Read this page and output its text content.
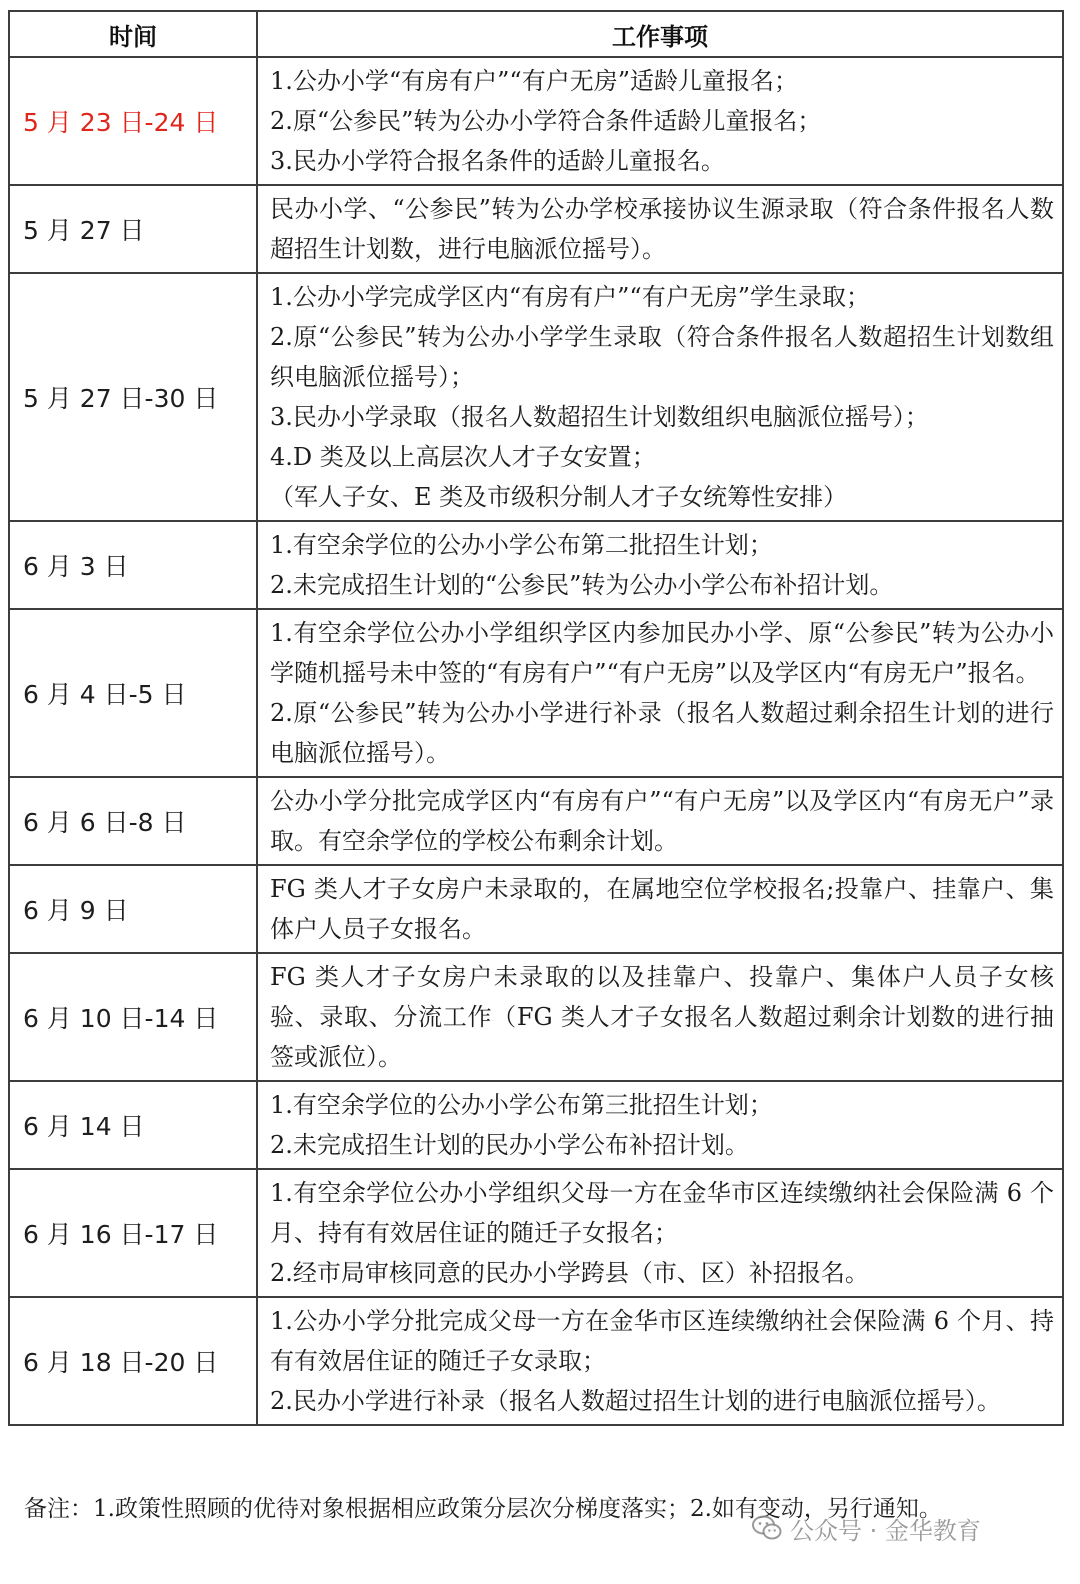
时间	工作事项
5 月 23 日-24 日	1.公办小学“有房有户”“有户无房”适龄儿童报名；
2.原“公参民”转为公办小学符合条件适龄儿童报名；
3.民办小学符合报名条件的适龄儿童报名。

5 月 27 日	民办小学、“公参民”转为公办学校承接协议生源录取（符合条件报名人数超招生计划数，进行电脑派位摇号）。

5 月 27 日-30 日	1.公办小学完成学区内“有房有户”“有户无房”学生录取；
2.原“公参民”转为公办小学学生录取（符合条件报名人数超招生计划数组织电脑派位摇号）；
3.民办小学录取（报名人数超招生计划数组织电脑派位摇号）；
4.D 类及以上高层次人才子女安置；
（军人子女、E 类及市级积分制人才子女统筹性安排）

6 月 3 日	1.有空余学位的公办小学公布第二批招生计划；
2.未完成招生计划的“公参民”转为公办小学公布补招计划。

6 月 4 日-5 日	1.有空余学位公办小学组织学区内参加民办小学、原“公参民”转为公办小学随机摇号未中签的“有房有户”“有户无房”以及学区内“有房无户”报名。
2.原“公参民”转为公办小学进行补录（报名人数超过剩余招生计划的进行电脑派位摇号）。

6 月 6 日-8 日	公办小学分批完成学区内“有房有户”“有户无房”以及学区内“有房无户”录取。有空余学位的学校公布剩余计划。

6 月 9 日	FG 类人才子女房户未录取的，在属地空位学校报名;投靠户、挂靠户、集体户人员子女报名。

6 月 10 日-14 日	FG 类人才子女房户未录取的以及挂靠户、投靠户、集体户人员子女核验、录取、分流工作（FG 类人才子女报名人数超过剩余计划数的进行抽签或派位）。

6 月 14 日	1.有空余学位的公办小学公布第三批招生计划；
2.未完成招生计划的民办小学公布补招计划。

6 月 16 日-17 日	1.有空余学位公办小学组织父母一方在金华市区连续缴纳社会保险满 6 个月、持有有效居住证的随迁子女报名；
2.经市局审核同意的民办小学跨县（市、区）补招报名。

6 月 18 日-20 日	1.公办小学分批完成父母一方在金华市区连续缴纳社会保险满 6 个月、持有有效居住证的随迁子女录取；
2.民办小学进行补录（报名人数超过招生计划的进行电脑派位摇号）。
备注：1.政策性照顾的优待对象根据相应政策分层次分梯度落实；2.如有变动，另行通知。
公众号 · 金华教育
